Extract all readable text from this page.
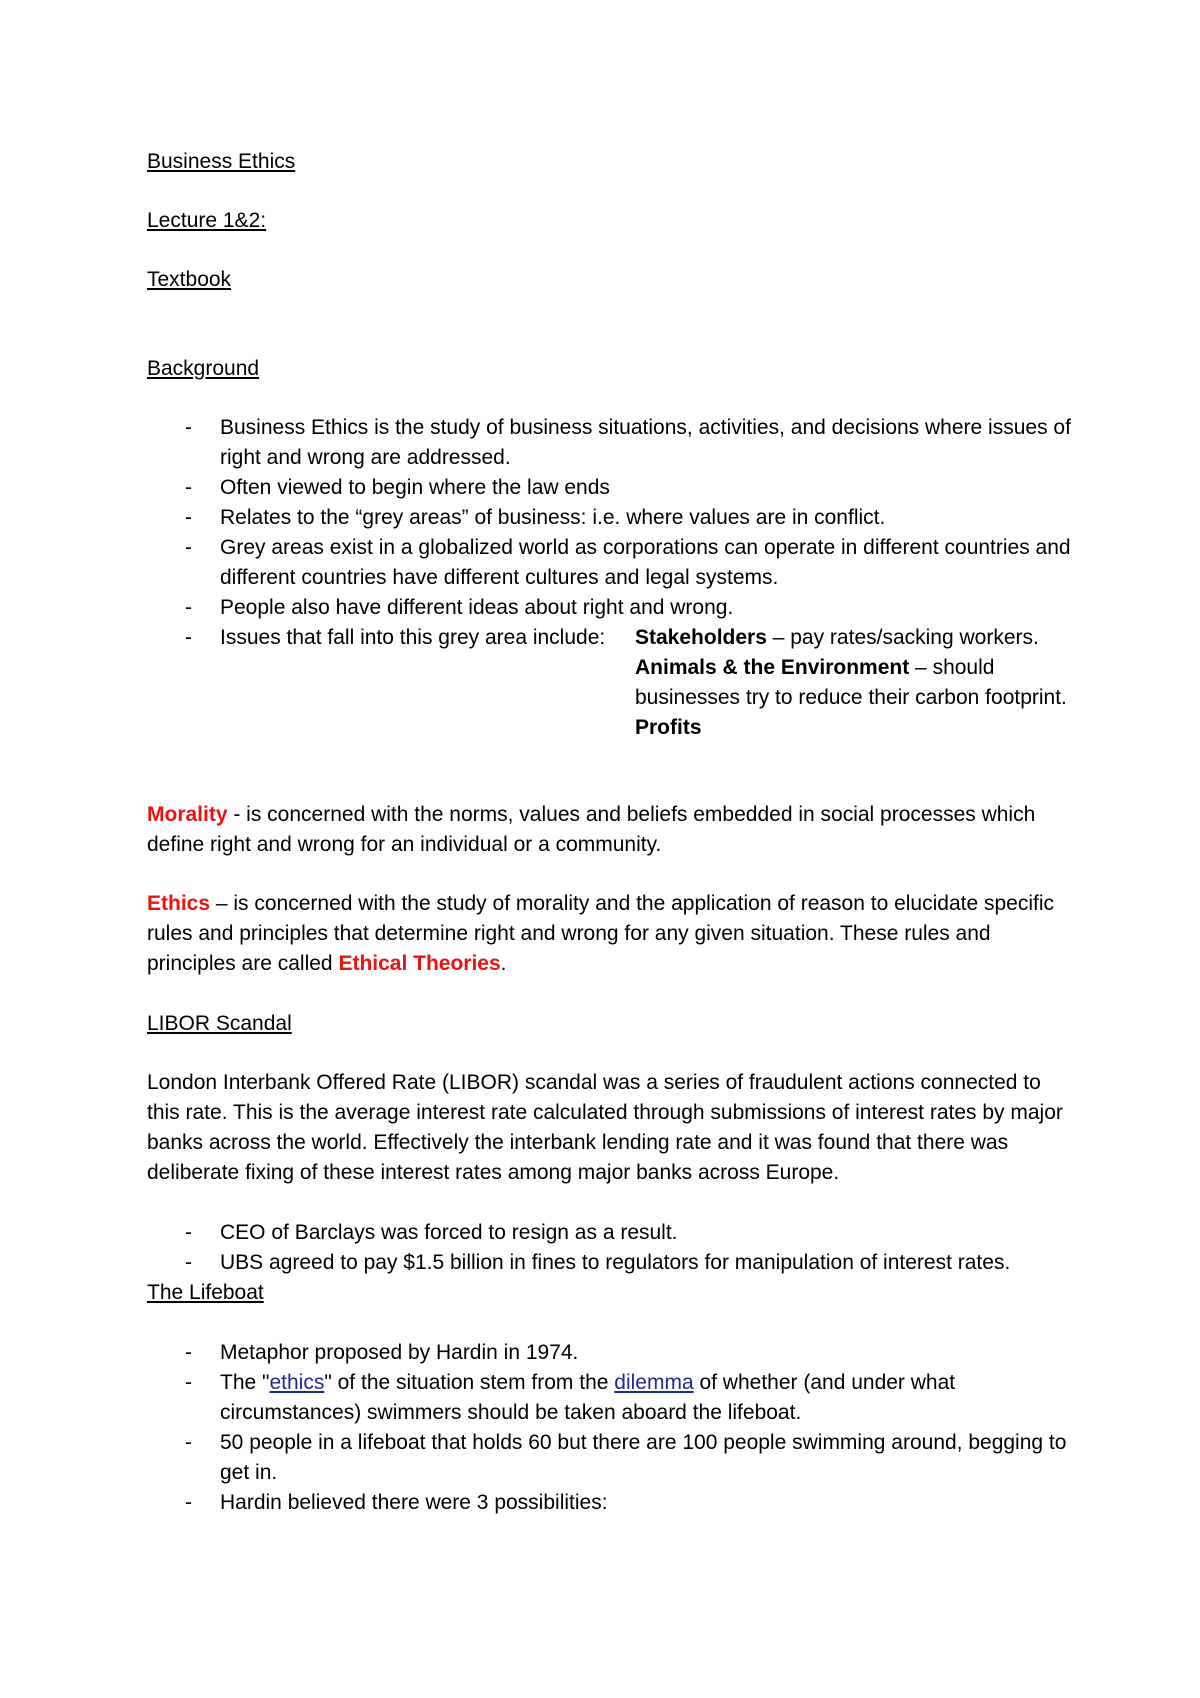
Business Ethics
Lecture 1&2:
Textbook
Background
- Business Ethics is the study of business situations, activities, and decisions where issues of right and wrong are addressed.
- Often viewed to begin where the law ends
- Relates to the “grey areas” of business: i.e. where values are in conflict.
- Grey areas exist in a globalized world as corporations can operate in different countries and different countries have different cultures and legal systems.
- People also have different ideas about right and wrong.
- Issues that fall into this grey area include:	Stakeholders – pay rates/sacking workers.
Animals & the Environment – should businesses try to reduce their carbon footprint.
Profits

Morality - is concerned with the norms, values and beliefs embedded in social processes which define right and wrong for an individual or a community.

Ethics – is concerned with the study of morality and the application of reason to elucidate specific rules and principles that determine right and wrong for any given situation. These rules and principles are called Ethical Theories.

LIBOR Scandal

London Interbank Offered Rate (LIBOR) scandal was a series of fraudulent actions connected to this rate. This is the average interest rate calculated through submissions of interest rates by major banks across the world. Effectively the interbank lending rate and it was found that there was deliberate fixing of these interest rates among major banks across Europe.

- CEO of Barclays was forced to resign as a result.
- UBS agreed to pay $1.5 billion in fines to regulators for manipulation of interest rates.
The Lifeboat
- Metaphor proposed by Hardin in 1974.
- The "ethics" of the situation stem from the dilemma of whether (and under what circumstances) swimmers should be taken aboard the lifeboat.
- 50 people in a lifeboat that holds 60 but there are 100 people swimming around, begging to get in.
- Hardin believed there were 3 possibilities:
